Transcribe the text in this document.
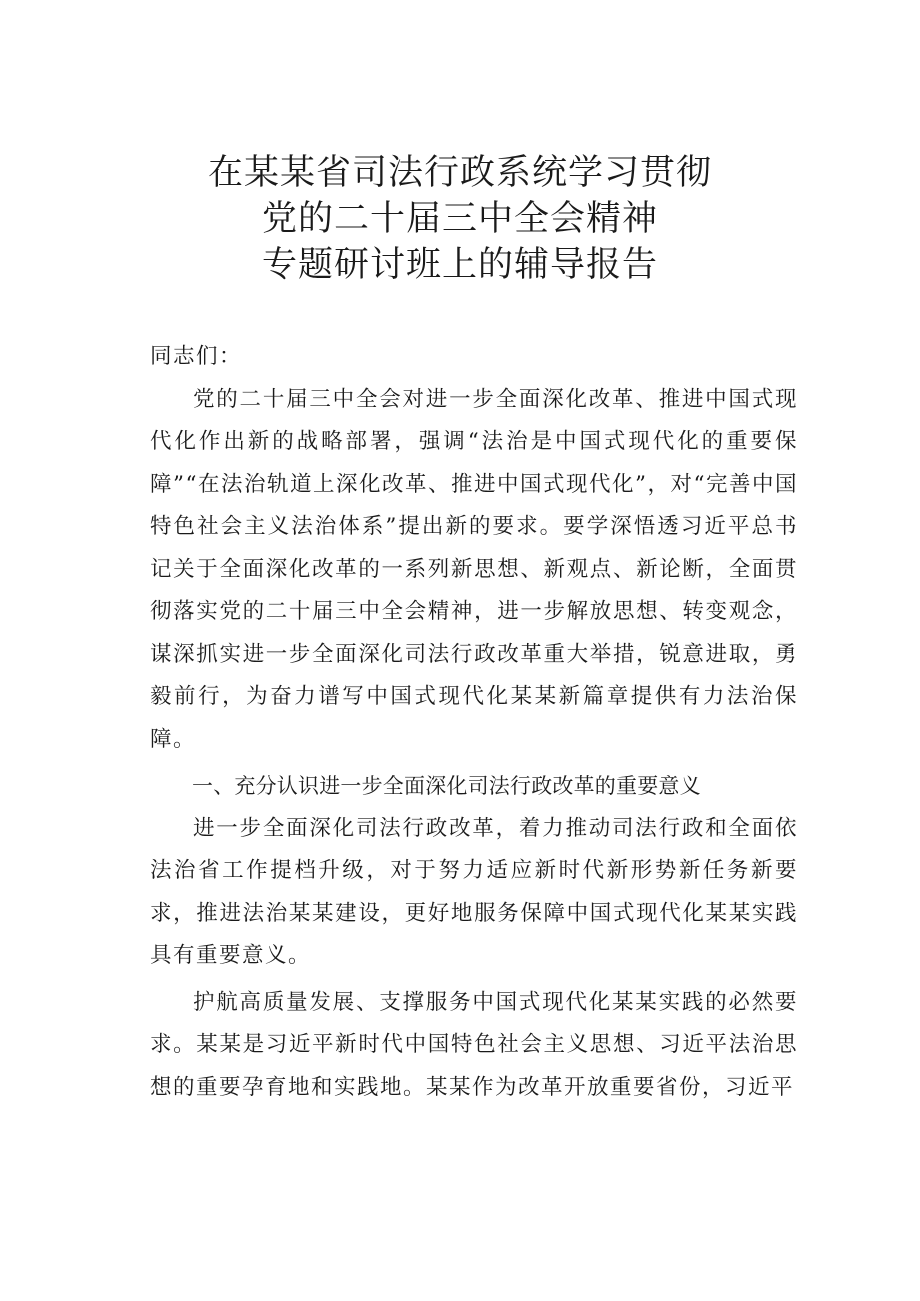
在某某省司法行政系统学习贯彻
党的二十届三中全会精神
专题研讨班上的辅导报告

同志们：

党的二十届三中全会对进一步全面深化改革、推进中国式现代化作出新的战略部署，强调“法治是中国式现代化的重要保障”“在法治轨道上深化改革、推进中国式现代化”，对“完善中国特色社会主义法治体系”提出新的要求。要学深悟透习近平总书记关于全面深化改革的一系列新思想、新观点、新论断，全面贯彻落实党的二十届三中全会精神，进一步解放思想、转变观念，谋深抓实进一步全面深化司法行政改革重大举措，锐意进取，勇毅前行，为奋力谱写中国式现代化某某新篇章提供有力法治保障。

一、充分认识进一步全面深化司法行政改革的重要意义

进一步全面深化司法行政改革，着力推动司法行政和全面依法治省工作提档升级，对于努力适应新时代新形势新任务新要求，推进法治某某建设，更好地服务保障中国式现代化某某实践具有重要意义。

护航高质量发展、支撑服务中国式现代化某某实践的必然要求。某某是习近平新时代中国特色社会主义思想、习近平法治思想的重要孕育地和实践地。某某作为改革开放重要省份，习近平
